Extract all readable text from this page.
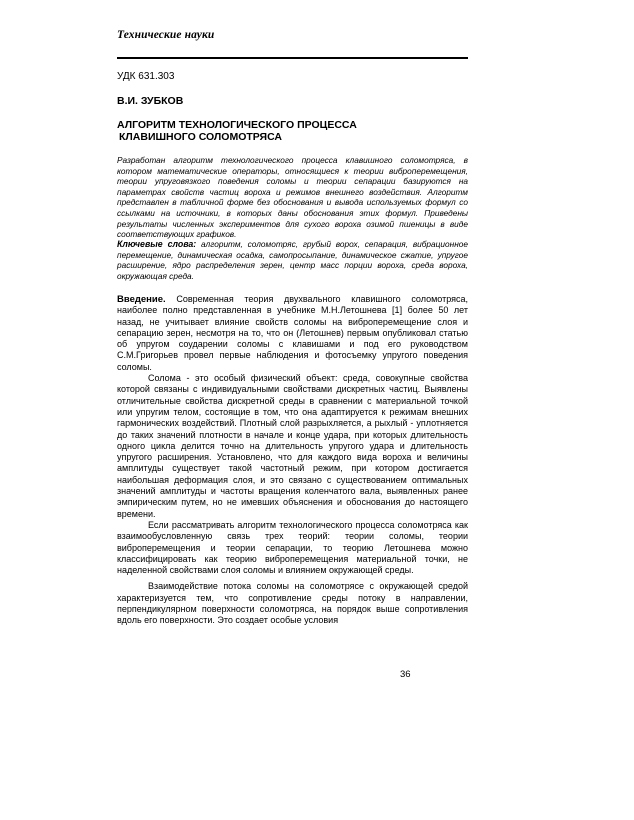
Технические науки
УДК 631.303
В.И. ЗУБКОВ
АЛГОРИТМ ТЕХНОЛОГИЧЕСКОГО ПРОЦЕССА
КЛАВИШНОГО СОЛОМОТРЯСА
Разработан алгоритм технологического процесса клавишного соломотряса, в котором математические операторы, относящиеся к теории виброперемещения, теории упруговязкого поведения соломы и теории сепарации базируются на параметрах свойств частиц вороха и режимов внешнего воздействия. Алгоритм представлен в табличной форме без обоснования и вывода используемых формул со ссылками на источники, в которых даны обоснования этих формул. Приведены результаты численных экспериментов для сухого вороха озимой пшеницы в виде соответствующих графиков.
Ключевые слова: алгоритм, соломотряс, грубый ворох, сепарация, вибрационное перемещение, динамическая осадка, самопросыпание, динамическое сжатие, упругое расширение, ядро распределения зерен, центр масс порции вороха, среда вороха, окружающая среда.

Введение. Современная теория двухвального клавишного соломотряса, наиболее полно представленная в учебнике М.Н.Летошнева [1] более 50 лет назад, не учитывает влияние свойств соломы на виброперемещение слоя и сепарацию зерен, несмотря на то, что он (Летошнев) первым опубликовал статью об упругом соударении соломы с клавишами и под его руководством С.М.Григорьев провел первые наблюдения и фотосъемку упругого поведения соломы.

Солома - это особый физический объект: среда, совокупные свойства которой связаны с индивидуальными свойствами дискретных частиц. Выявлены отличительные свойства дискретной среды в сравнении с материальной точкой или упругим телом, состоящие в том, что она адаптируется к режимам внешних гармонических воздействий. Плотный слой разрыхляется, а рыхлый - уплотняется до таких значений плотности в начале и конце удара, при которых длительность одного цикла делится точно на длительность упругого удара и длительность упругого расширения. Установлено, что для каждого вида вороха и величины амплитуды существует такой частотный режим, при котором достигается наибольшая деформация слоя, и это связано с существованием оптимальных значений амплитуды и частоты вращения коленчатого вала, выявленных ранее эмпирическим путем, но не имевших объяснения и обоснования до настоящего времени.

Если рассматривать алгоритм технологического процесса соломотряса как взаимообусловленную связь трех теорий: теории соломы, теории виброперемещения и теории сепарации, то теорию Летошнева можно классифицировать как теорию виброперемещения материальной точки, не наделенной свойствами слоя соломы и влиянием окружающей среды.

Взаимодействие потока соломы на соломотрясе с окружающей средой характеризуется тем, что сопротивление среды потоку в направлении, перпендикулярном поверхности соломотряса, на порядок выше сопротивления вдоль его поверхности. Это создает особые условия

36
